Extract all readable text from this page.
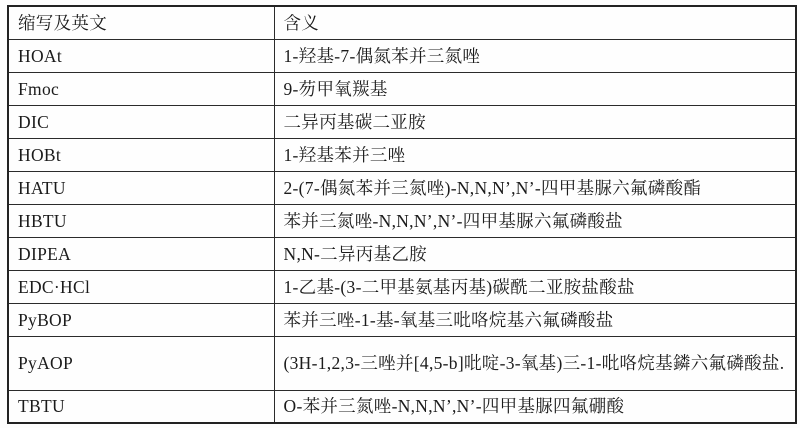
缩写及英文	含义
HOAt	1-羟基-7-偶氮苯并三氮唑
Fmoc	9-芴甲氧羰基
DIC	二异丙基碳二亚胺
HOBt	1-羟基苯并三唑
HATU	2-(7-偶氮苯并三氮唑)-N,N,N’,N’-四甲基脲六氟磷酸酯
HBTU	苯并三氮唑-N,N,N’,N’-四甲基脲六氟磷酸盐
DIPEA	N,N-二异丙基乙胺
EDC·HCl	1-乙基-(3-二甲基氨基丙基)碳酰二亚胺盐酸盐
PyBOP	苯并三唑-1-基-氧基三吡咯烷基六氟磷酸盐
PyAOP	(3H-1,2,3-三唑并[4,5-b]吡啶-3-氧基)三-1-吡咯烷基鏻六氟磷酸盐.
TBTU	O-苯并三氮唑-N,N,N’,N’-四甲基脲四氟硼酸
